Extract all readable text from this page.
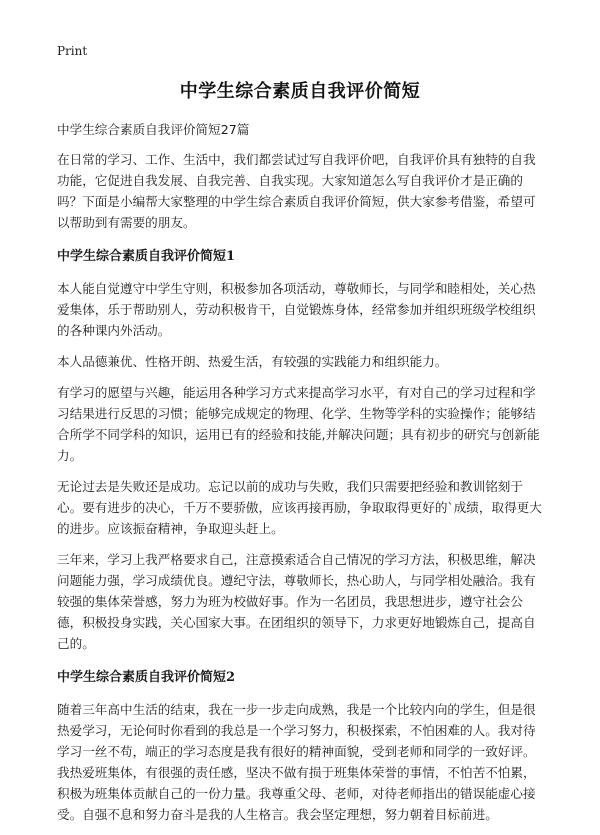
Print
中学生综合素质自我评价简短

中学生综合素质自我评价简短27篇

在日常的学习、工作、生活中，我们都尝试过写自我评价吧，自我评价具有独特的自我功能，它促进自我发展、自我完善、自我实现。大家知道怎么写自我评价才是正确的吗？下面是小编帮大家整理的中学生综合素质自我评价简短，供大家参考借鉴，希望可以帮助到有需要的朋友。

中学生综合素质自我评价简短1

本人能自觉遵守中学生守则，积极参加各项活动，尊敬师长，与同学和睦相处，关心热爱集体，乐于帮助别人，劳动积极肯干，自觉锻炼身体，经常参加并组织班级学校组织的各种课内外活动。

本人品德兼优、性格开朗、热爱生活，有较强的实践能力和组织能力。

有学习的愿望与兴趣，能运用各种学习方式来提高学习水平，有对自己的学习过程和学习结果进行反思的习惯；能够完成规定的物理、化学、生物等学科的实验操作；能够结合所学不同学科的知识，运用已有的经验和技能,并解决问题；具有初步的研究与创新能力。

无论过去是失败还是成功。忘记以前的成功与失败，我们只需要把经验和教训铭刻于心。要有进步的决心，千万不要骄傲，应该再接再励，争取取得更好的`成绩，取得更大的进步。应该振奋精神，争取迎头赶上。

三年来，学习上我严格要求自己，注意摸索适合自己情况的学习方法，积极思维，解决问题能力强，学习成绩优良。遵纪守法，尊敬师长，热心助人，与同学相处融洽。我有较强的集体荣誉感，努力为班为校做好事。作为一名团员，我思想进步，遵守社会公德，积极投身实践，关心国家大事。在团组织的领导下，力求更好地锻炼自己，提高自己的。

中学生综合素质自我评价简短2

随着三年高中生活的结束，我在一步一步走向成熟，我是一个比较内向的学生，但是很热爱学习，无论何时你看到的我总是一个学习努力，积极探索，不怕困难的人。我对待学习一丝不苟，端正的学习态度是我有很好的精神面貌，受到老师和同学的一致好评。我热爱班集体，有很强的责任感，坚决不做有损于班集体荣誉的事情，不怕苦不怕累，积极为班集体贡献自己的一份力量。我尊重父母、老师，对待老师指出的错误能虚心接受。自强不息和努力奋斗是我的人生格言。我会坚定理想，努力朝着目标前进。
